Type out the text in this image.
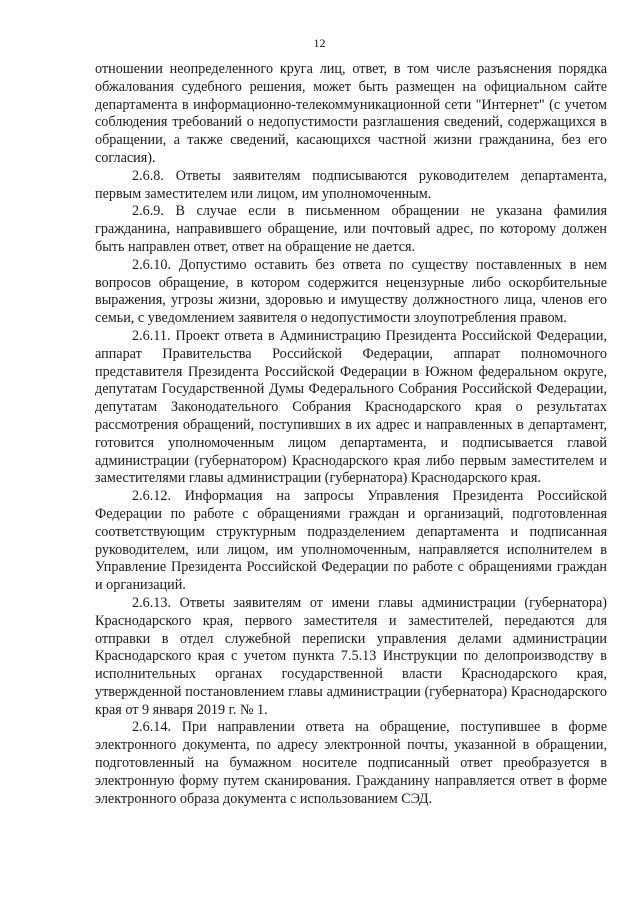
12

отношении неопределенного круга лиц, ответ, в том числе разъяснения порядка обжалования судебного решения, может быть размещен на официальном сайте департамента в информационно-телекоммуникационной сети "Интернет" (с учетом соблюдения требований о недопустимости разглашения сведений, содержащихся в обращении, а также сведений, касающихся частной жизни гражданина, без его согласия).

2.6.8. Ответы заявителям подписываются руководителем департамента, первым заместителем или лицом, им уполномоченным.

2.6.9. В случае если в письменном обращении не указана фамилия гражданина, направившего обращение, или почтовый адрес, по которому должен быть направлен ответ, ответ на обращение не дается.

2.6.10. Допустимо оставить без ответа по существу поставленных в нем вопросов обращение, в котором содержится нецензурные либо оскорбительные выражения, угрозы жизни, здоровью и имуществу должностного лица, членов его семьи, с уведомлением заявителя о недопустимости злоупотребления правом.

2.6.11. Проект ответа в Администрацию Президента Российской Федерации, аппарат Правительства Российской Федерации, аппарат полномочного представителя Президента Российской Федерации в Южном федеральном округе, депутатам Государственной Думы Федерального Собрания Российской Федерации, депутатам Законодательного Собрания Краснодарского края о результатах рассмотрения обращений, поступивших в их адрес и направленных в департамент, готовится уполномоченным лицом департамента, и подписывается главой администрации (губернатором) Краснодарского края либо первым заместителем и заместителями главы администрации (губернатора) Краснодарского края.

2.6.12. Информация на запросы Управления Президента Российской Федерации по работе с обращениями граждан и организаций, подготовленная соответствующим структурным подразделением департамента и подписанная руководителем, или лицом, им уполномоченным, направляется исполнителем в Управление Президента Российской Федерации по работе с обращениями граждан и организаций.

2.6.13. Ответы заявителям от имени главы администрации (губернатора) Краснодарского края, первого заместителя и заместителей, передаются для отправки в отдел служебной переписки управления делами администрации Краснодарского края с учетом пункта 7.5.13 Инструкции по делопроизводству в исполнительных органах государственной власти Краснодарского края, утвержденной постановлением главы администрации (губернатора) Краснодарского края от 9 января 2019 г. № 1.

2.6.14. При направлении ответа на обращение, поступившее в форме электронного документа, по адресу электронной почты, указанной в обращении, подготовленный на бумажном носителе подписанный ответ преобразуется в электронную форму путем сканирования. Гражданину направляется ответ в форме электронного образа документа с использованием СЭД.
